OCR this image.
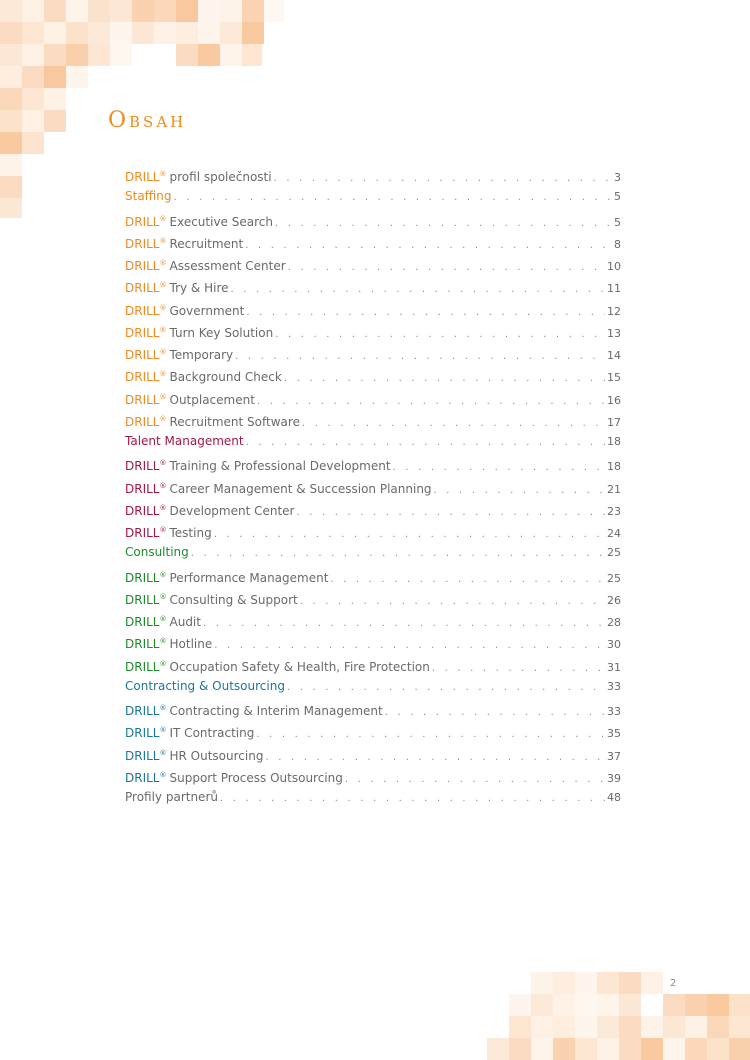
Obsah
DRILL® profil společnosti . . .	3
Staffing . . .	5
DRILL® Executive Search . . .	5
DRILL® Recruitment . . .	8
DRILL® Assessment Center . . .	10
DRILL® Try & Hire . . .	11
DRILL® Government . . .	12
DRILL® Turn Key Solution . . .	13
DRILL® Temporary . . .	14
DRILL® Background Check . . .	15
DRILL® Outplacement . . .	16
DRILL® Recruitment Software . . .	17
Talent Management . . .	18
DRILL® Training & Professional Development . . .	18
DRILL® Career Management & Succession Planning . . .	21
DRILL® Development Center . . .	23
DRILL® Testing . . .	24
Consulting . . .	25
DRILL® Performance Management . . .	25
DRILL® Consulting & Support . . .	26
DRILL® Audit . . .	28
DRILL® Hotline . . .	30
DRILL® Occupation Safety & Health, Fire Protection . . .	31
Contracting & Outsourcing . . .	33
DRILL® Contracting & Interim Management . . .	33
DRILL® IT Contracting . . .	35
DRILL® HR Outsourcing . . .	37
DRILL® Support Process Outsourcing . . .	39
Profily partnerů . . .	48
2
